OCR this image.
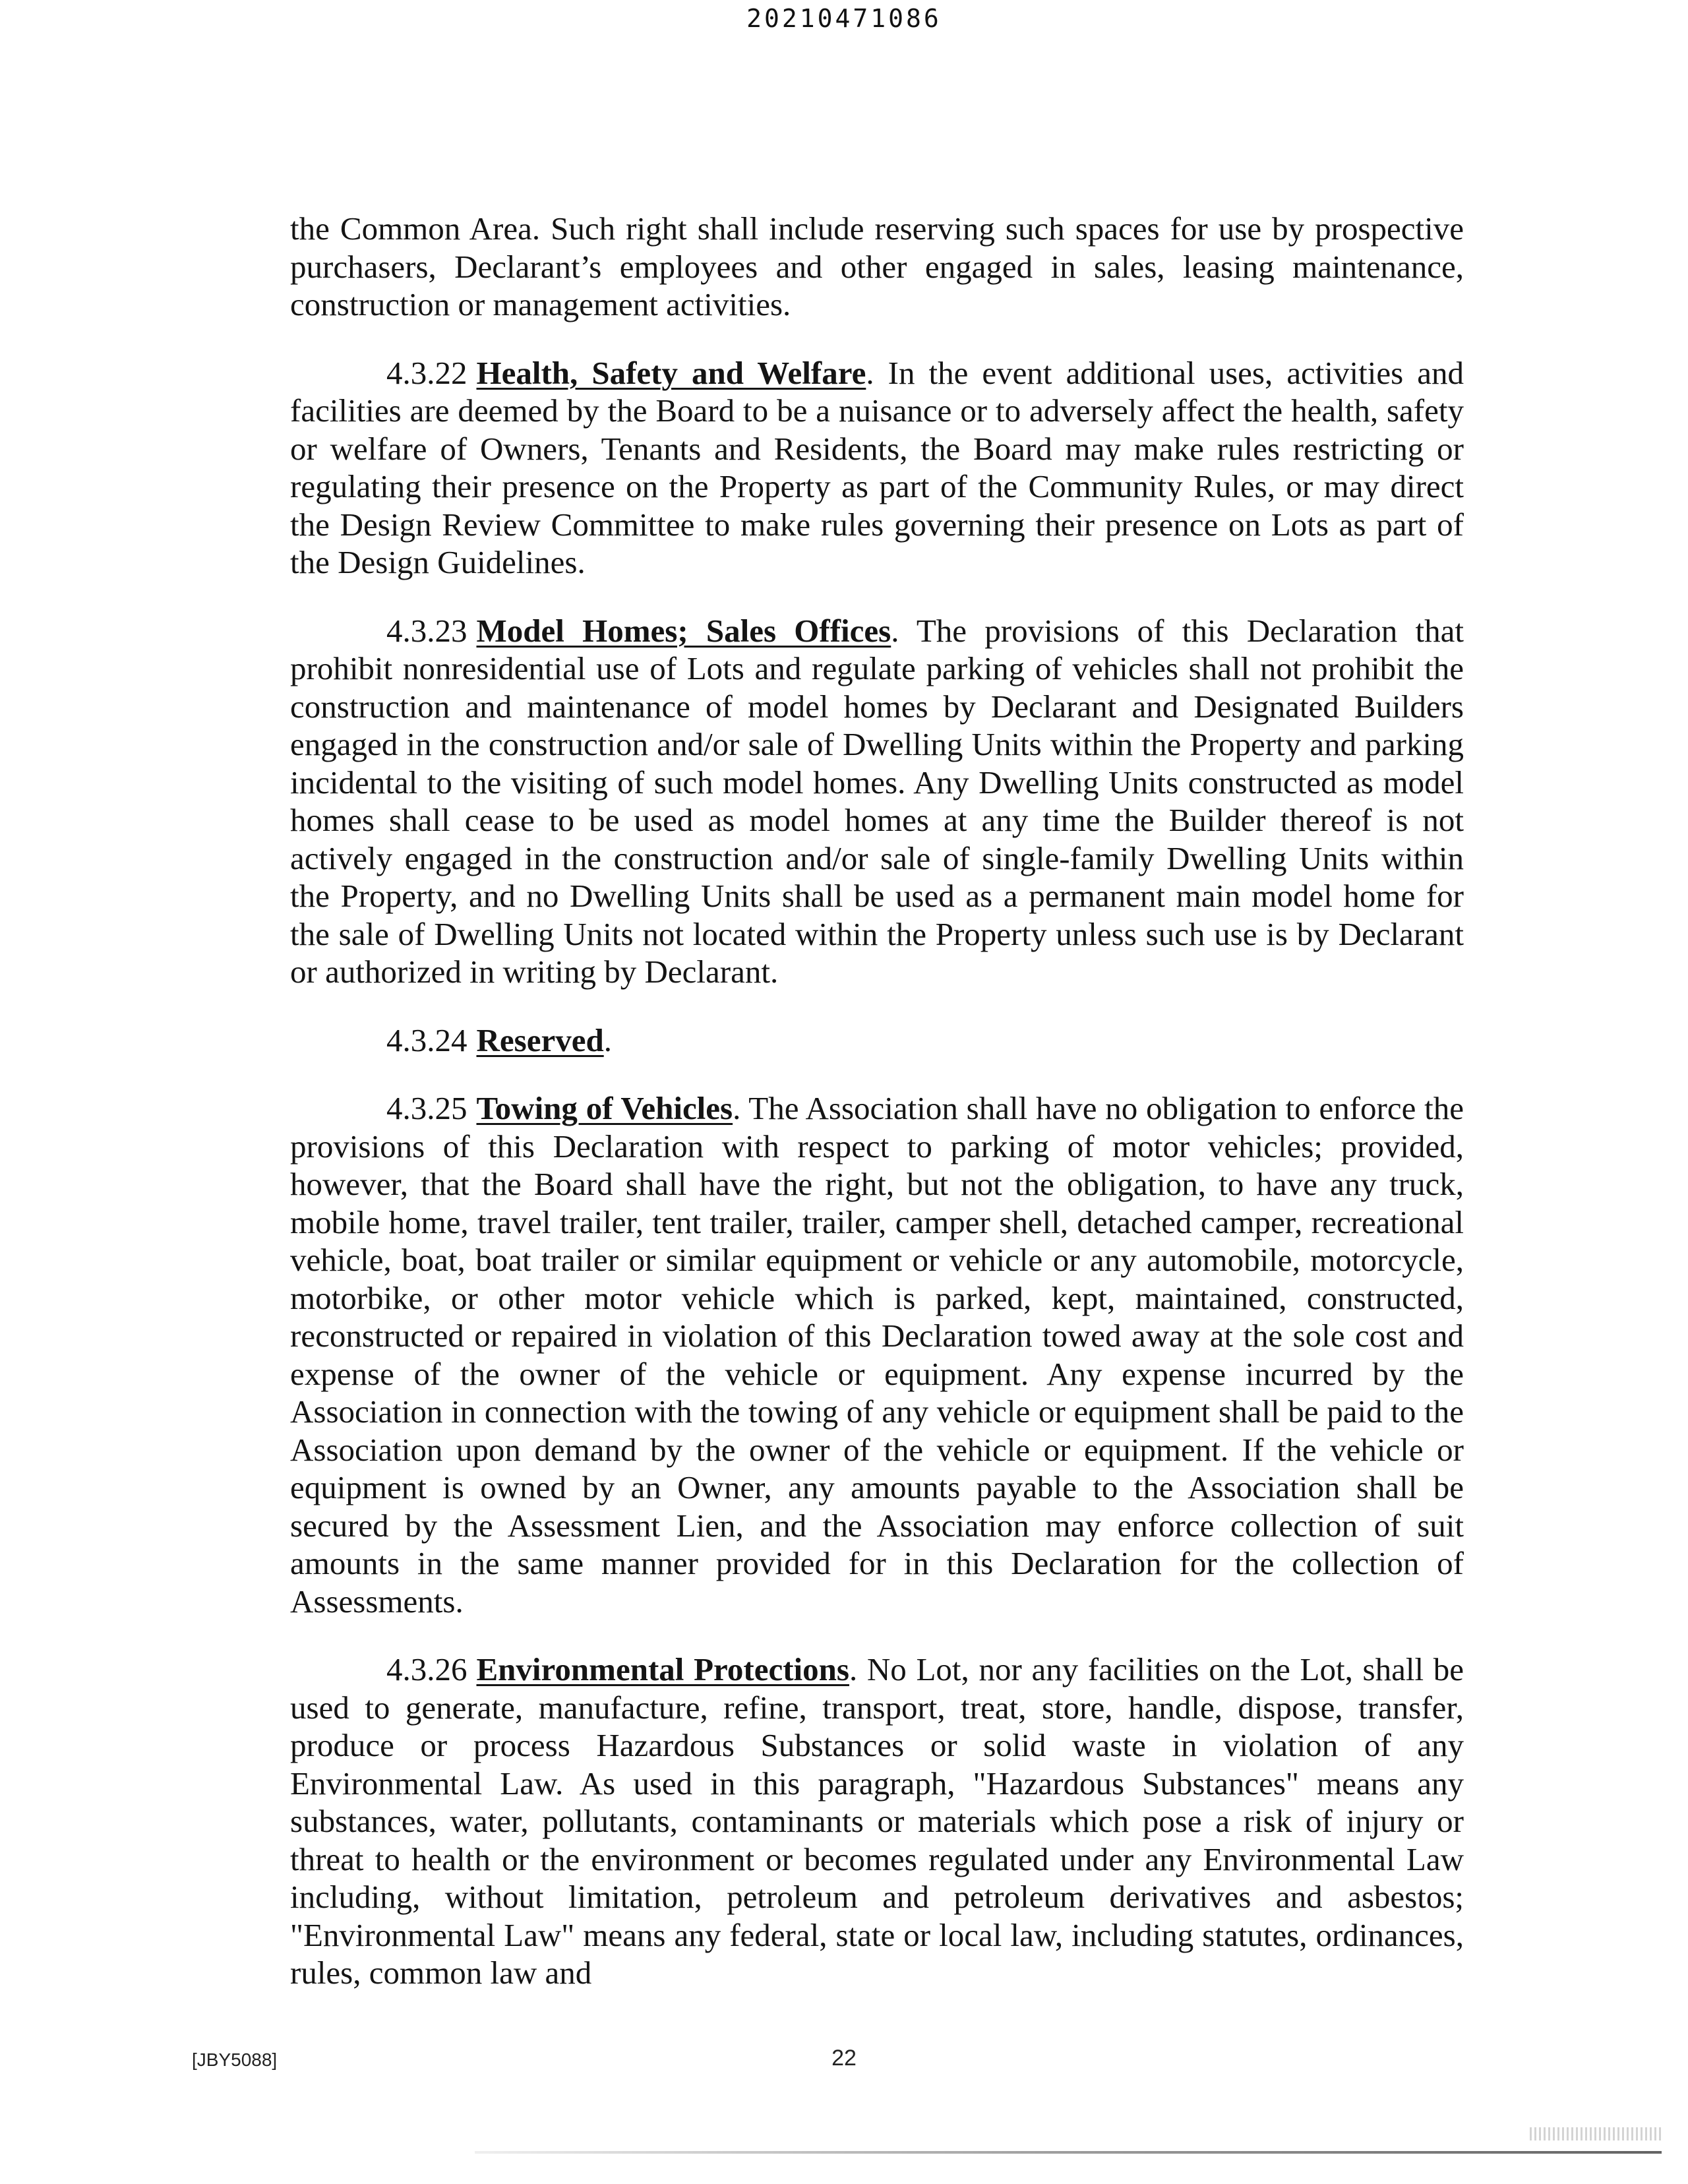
20210471086

the Common Area. Such right shall include reserving such spaces for use by prospective purchasers, Declarant’s employees and other engaged in sales, leasing maintenance, construction or management activities.

4.3.22 Health, Safety and Welfare. In the event additional uses, activities and facilities are deemed by the Board to be a nuisance or to adversely affect the health, safety or welfare of Owners, Tenants and Residents, the Board may make rules restricting or regulating their presence on the Property as part of the Community Rules, or may direct the Design Review Committee to make rules governing their presence on Lots as part of the Design Guidelines.

4.3.23 Model Homes; Sales Offices. The provisions of this Declaration that prohibit nonresidential use of Lots and regulate parking of vehicles shall not prohibit the construction and maintenance of model homes by Declarant and Designated Builders engaged in the construction and/or sale of Dwelling Units within the Property and parking incidental to the visiting of such model homes. Any Dwelling Units constructed as model homes shall cease to be used as model homes at any time the Builder thereof is not actively engaged in the construction and/or sale of single-family Dwelling Units within the Property, and no Dwelling Units shall be used as a permanent main model home for the sale of Dwelling Units not located within the Property unless such use is by Declarant or authorized in writing by Declarant.

4.3.24 Reserved.

4.3.25 Towing of Vehicles. The Association shall have no obligation to enforce the provisions of this Declaration with respect to parking of motor vehicles; provided, however, that the Board shall have the right, but not the obligation, to have any truck, mobile home, travel trailer, tent trailer, trailer, camper shell, detached camper, recreational vehicle, boat, boat trailer or similar equipment or vehicle or any automobile, motorcycle, motorbike, or other motor vehicle which is parked, kept, maintained, constructed, reconstructed or repaired in violation of this Declaration towed away at the sole cost and expense of the owner of the vehicle or equipment. Any expense incurred by the Association in connection with the towing of any vehicle or equipment shall be paid to the Association upon demand by the owner of the vehicle or equipment. If the vehicle or equipment is owned by an Owner, any amounts payable to the Association shall be secured by the Assessment Lien, and the Association may enforce collection of suit amounts in the same manner provided for in this Declaration for the collection of Assessments.

4.3.26 Environmental Protections. No Lot, nor any facilities on the Lot, shall be used to generate, manufacture, refine, transport, treat, store, handle, dispose, transfer, produce or process Hazardous Substances or solid waste in violation of any Environmental Law. As used in this paragraph, "Hazardous Substances" means any substances, water, pollutants, contaminants or materials which pose a risk of injury or threat to health or the environment or becomes regulated under any Environmental Law including, without limitation, petroleum and petroleum derivatives and asbestos; "Environmental Law" means any federal, state or local law, including statutes, ordinances, rules, common law and

[JBY5088]	22
